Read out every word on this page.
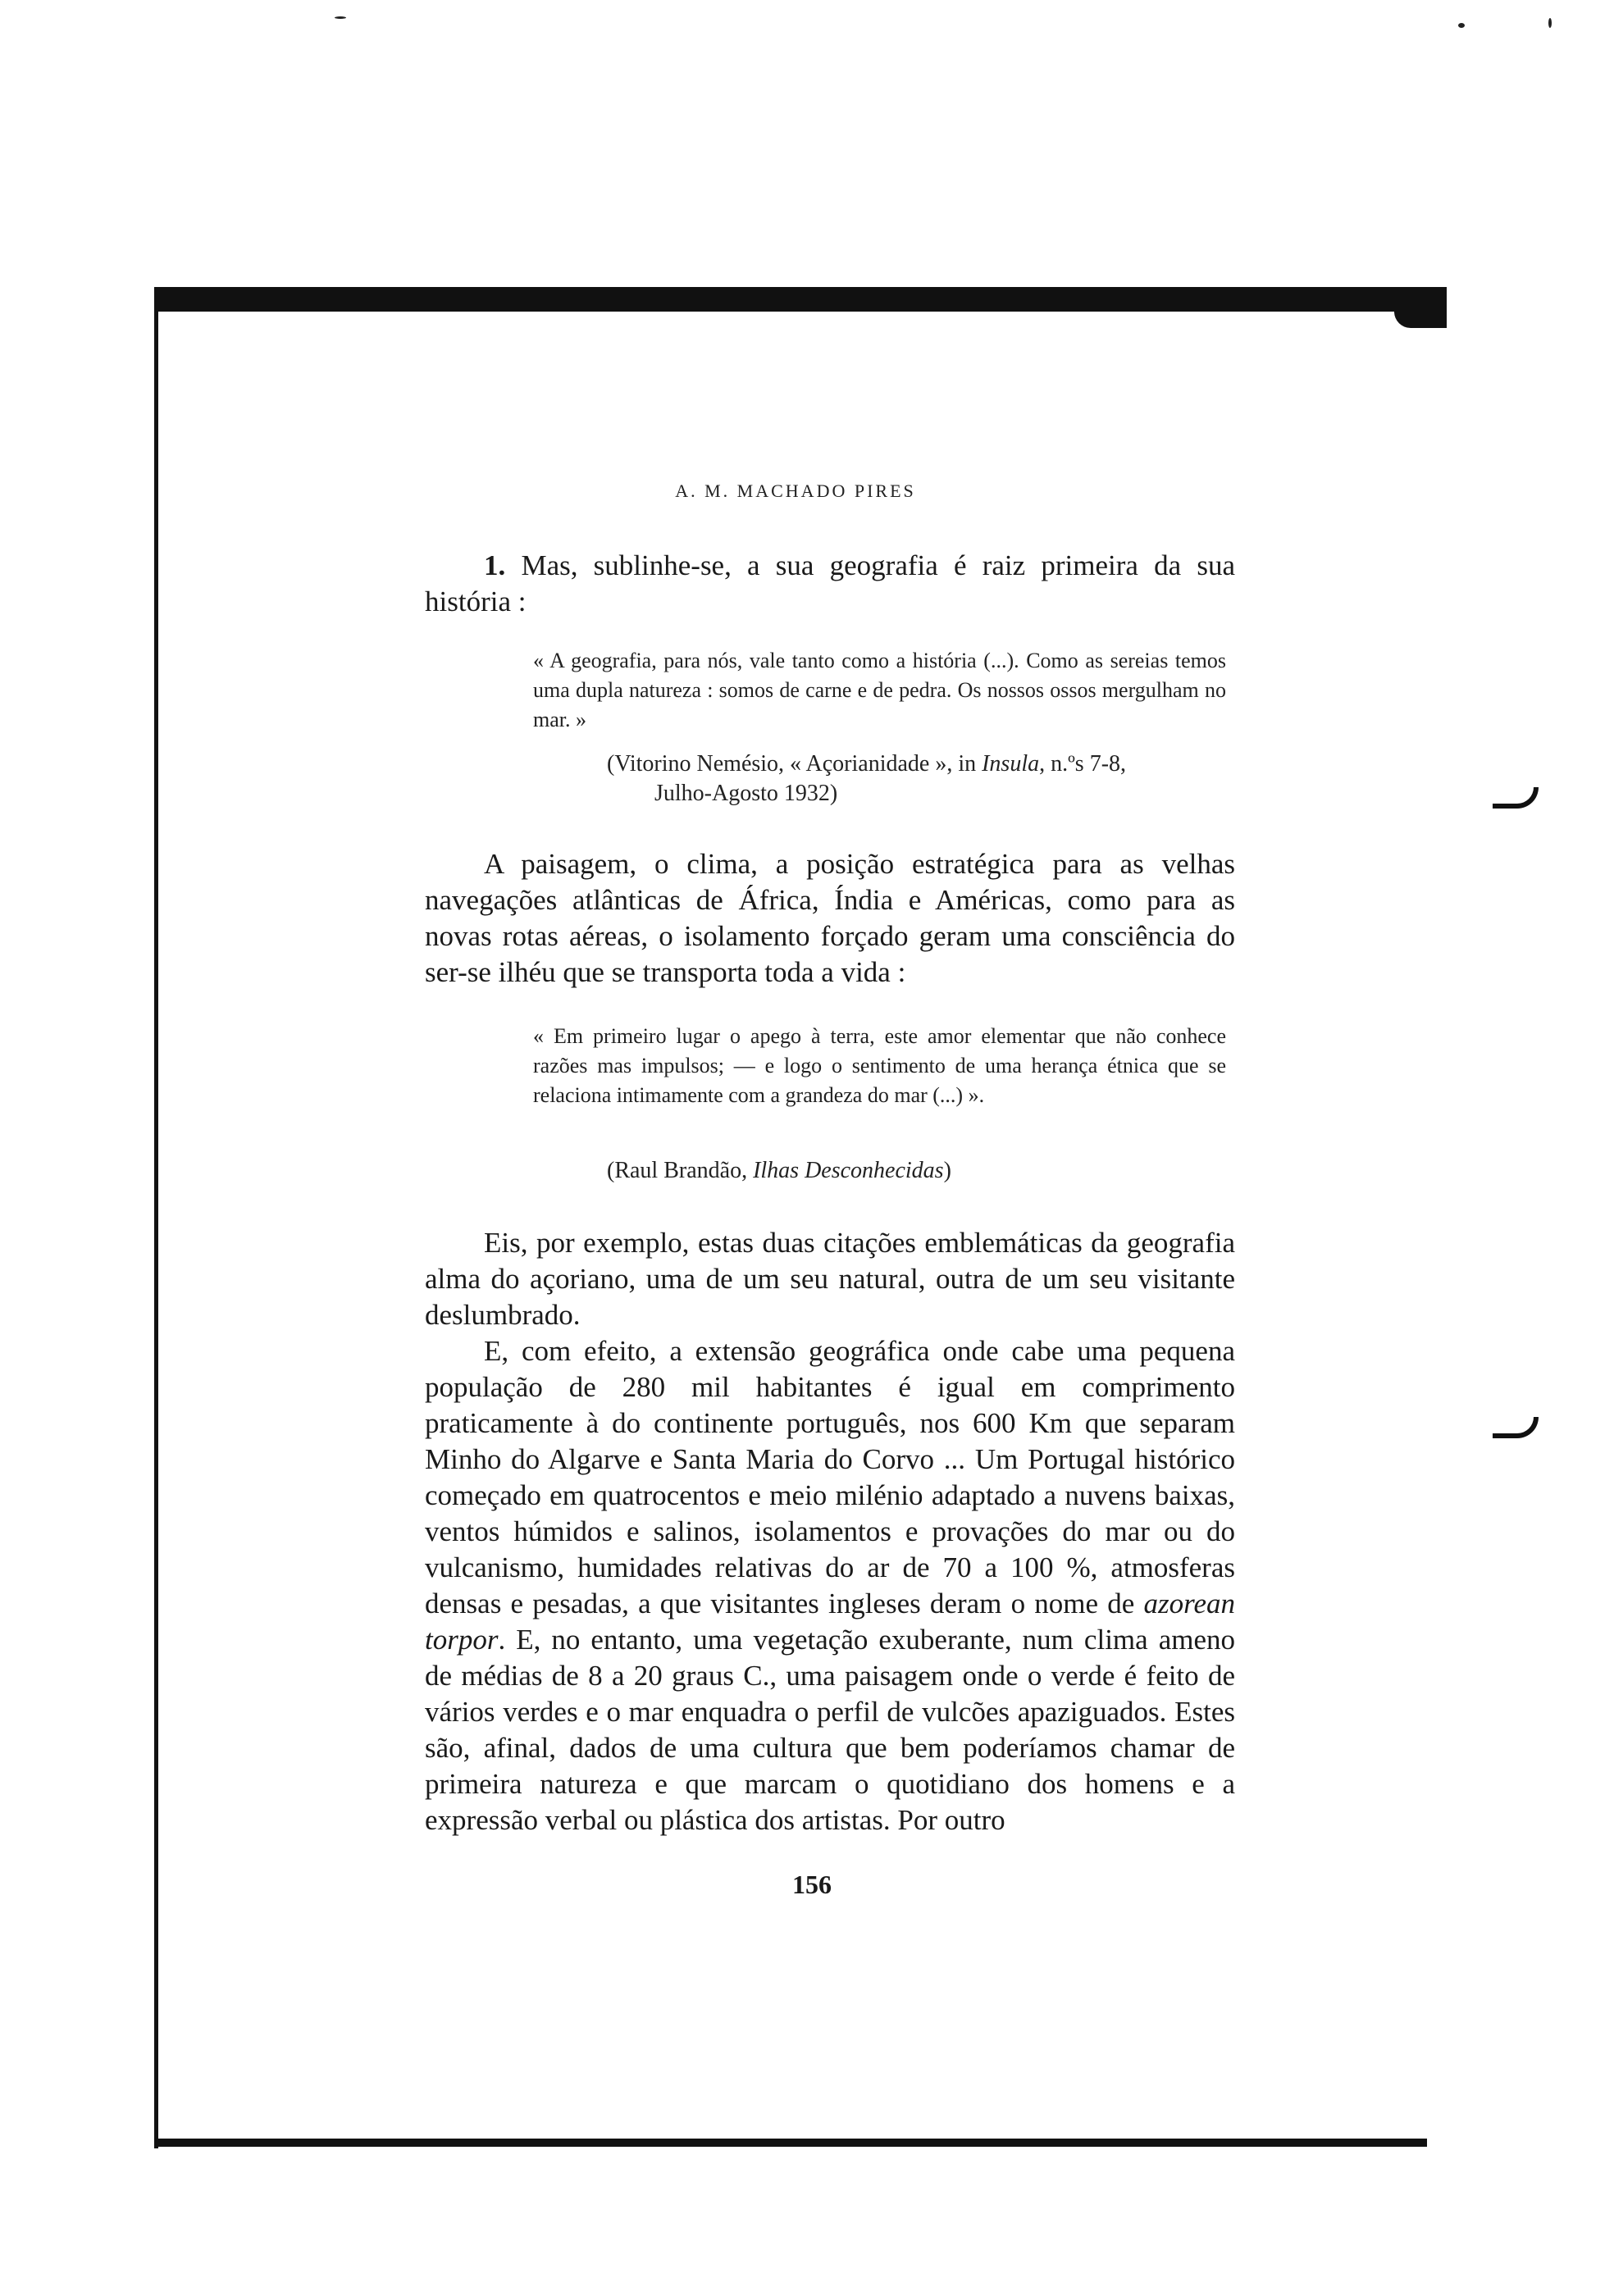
A. M. MACHADO PIRES
1. Mas, sublinhe-se, a sua geografia é raiz primeira da sua história :
« A geografia, para nós, vale tanto como a história (...). Como as sereias temos uma dupla natureza : somos de carne e de pedra. Os nossos ossos mergulham no mar. »
(Vitorino Nemésio, « Açorianidade », in Insula, n.ºs 7-8,
Julho-Agosto 1932)
A paisagem, o clima, a posição estratégica para as velhas navegações atlânticas de África, Índia e Américas, como para as novas rotas aéreas, o isolamento forçado geram uma consciência do ser-se ilhéu que se transporta toda a vida :
« Em primeiro lugar o apego à terra, este amor elementar que não conhece razões mas impulsos; — e logo o sentimento de uma herança étnica que se relaciona intimamente com a grandeza do mar (...) ».
(Raul Brandão, Ilhas Desconhecidas)
Eis, por exemplo, estas duas citações emblemáticas da geografia alma do açoriano, uma de um seu natural, outra de um seu visitante deslumbrado.
E, com efeito, a extensão geográfica onde cabe uma pequena população de 280 mil habitantes é igual em comprimento praticamente à do continente português, nos 600 Km que separam Minho do Algarve e Santa Maria do Corvo ... Um Portugal histórico começado em quatrocentos e meio milénio adaptado a nuvens baixas, ventos húmidos e salinos, isolamentos e provações do mar ou do vulcanismo, humidades relativas do ar de 70 a 100 %, atmosferas densas e pesadas, a que visitantes ingleses deram o nome de azorean torpor. E, no entanto, uma vegetação exuberante, num clima ameno de médias de 8 a 20 graus C., uma paisagem onde o verde é feito de vários verdes e o mar enquadra o perfil de vulcões apaziguados. Estes são, afinal, dados de uma cultura que bem poderíamos chamar de primeira natureza e que marcam o quotidiano dos homens e a expressão verbal ou plástica dos artistas. Por outro
156
